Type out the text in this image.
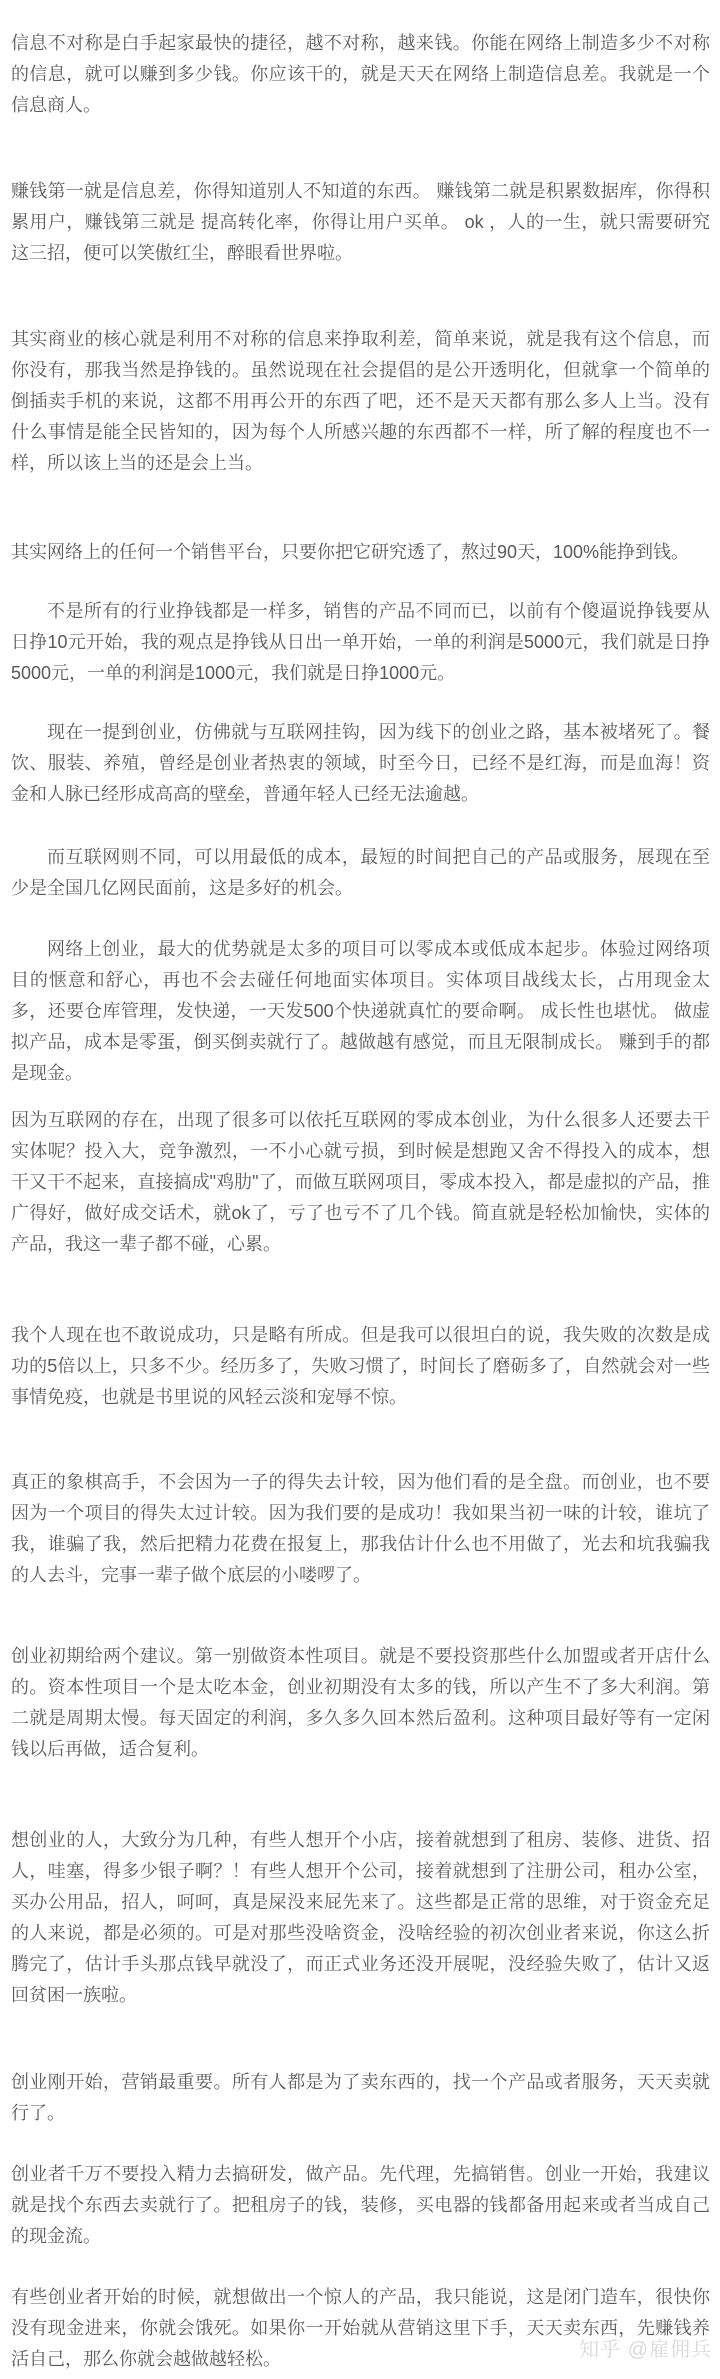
信息不对称是白手起家最快的捷径，越不对称，越来钱。你能在网络上制造多少不对称的信息，就可以赚到多少钱。你应该干的，就是天天在网络上制造信息差。我就是一个信息商人。

赚钱第一就是信息差，你得知道别人不知道的东西。 赚钱第二就是积累数据库，你得积累用户，赚钱第三就是 提高转化率，你得让用户买单。 ok ，人的一生，就只需要研究这三招，便可以笑傲红尘，醉眼看世界啦。

其实商业的核心就是利用不对称的信息来挣取利差，简单来说，就是我有这个信息，而你没有，那我当然是挣钱的。虽然说现在社会提倡的是公开透明化，但就拿一个简单的倒插卖手机的来说，这都不用再公开的东西了吧，还不是天天都有那么多人上当。没有什么事情是能全民皆知的，因为每个人所感兴趣的东西都不一样，所了解的程度也不一样，所以该上当的还是会上当。

其实网络上的任何一个销售平台，只要你把它研究透了，熬过90天，100%能挣到钱。

不是所有的行业挣钱都是一样多，销售的产品不同而已，以前有个傻逼说挣钱要从日挣10元开始，我的观点是挣钱从日出一单开始，一单的利润是5000元，我们就是日挣5000元，一单的利润是1000元，我们就是日挣1000元。

现在一提到创业，仿佛就与互联网挂钩，因为线下的创业之路，基本被堵死了。餐饮、服装、养殖，曾经是创业者热衷的领域，时至今日，已经不是红海，而是血海！资金和人脉已经形成高高的壁垒，普通年轻人已经无法逾越。

而互联网则不同，可以用最低的成本，最短的时间把自己的产品或服务，展现在至少是全国几亿网民面前，这是多好的机会。

网络上创业，最大的优势就是太多的项目可以零成本或低成本起步。体验过网络项目的惬意和舒心，再也不会去碰任何地面实体项目。实体项目战线太长，占用现金太多，还要仓库管理，发快递，一天发500个快递就真忙的要命啊。 成长性也堪忧。 做虚拟产品，成本是零蛋，倒买倒卖就行了。越做越有感觉，而且无限制成长。 赚到手的都是现金。

因为互联网的存在，出现了很多可以依托互联网的零成本创业，为什么很多人还要去干实体呢？投入大，竞争激烈，一不小心就亏损，到时候是想跑又舍不得投入的成本，想干又干不起来，直接搞成"鸡肋"了，而做互联网项目，零成本投入，都是虚拟的产品，推广得好，做好成交话术，就ok了，亏了也亏不了几个钱。简直就是轻松加愉快，实体的产品，我这一辈子都不碰，心累。

我个人现在也不敢说成功，只是略有所成。但是我可以很坦白的说，我失败的次数是成功的5倍以上，只多不少。经历多了，失败习惯了，时间长了磨砺多了，自然就会对一些事情免疫，也就是书里说的风轻云淡和宠辱不惊。

真正的象棋高手，不会因为一子的得失去计较，因为他们看的是全盘。而创业，也不要因为一个项目的得失太过计较。因为我们要的是成功！我如果当初一味的计较，谁坑了我，谁骗了我，然后把精力花费在报复上，那我估计什么也不用做了，光去和坑我骗我的人去斗，完事一辈子做个底层的小喽啰了。

创业初期给两个建议。第一别做资本性项目。就是不要投资那些什么加盟或者开店什么的。资本性项目一个是太吃本金，创业初期没有太多的钱，所以产生不了多大利润。第二就是周期太慢。每天固定的利润，多久多久回本然后盈利。这种项目最好等有一定闲钱以后再做，适合复利。

想创业的人，大致分为几种，有些人想开个小店，接着就想到了租房、装修、进货、招人，哇塞，得多少银子啊？！有些人想开个公司，接着就想到了注册公司，租办公室，买办公用品，招人，呵呵，真是屎没来屁先来了。这些都是正常的思维，对于资金充足的人来说，都是必须的。可是对那些没啥资金，没啥经验的初次创业者来说，你这么折腾完了，估计手头那点钱早就没了，而正式业务还没开展呢，没经验失败了，估计又返回贫困一族啦。

创业刚开始，营销最重要。所有人都是为了卖东西的，找一个产品或者服务，天天卖就行了。

创业者千万不要投入精力去搞研发，做产品。先代理，先搞销售。创业一开始，我建议就是找个东西去卖就行了。把租房子的钱，装修，买电器的钱都备用起来或者当成自己的现金流。

有些创业者开始的时候，就想做出一个惊人的产品，我只能说，这是闭门造车，很快你没有现金进来，你就会饿死。如果你一开始就从营销这里下手，天天卖东西，先赚钱养活自己，那么你就会越做越轻松。	知乎 @雇佣兵
